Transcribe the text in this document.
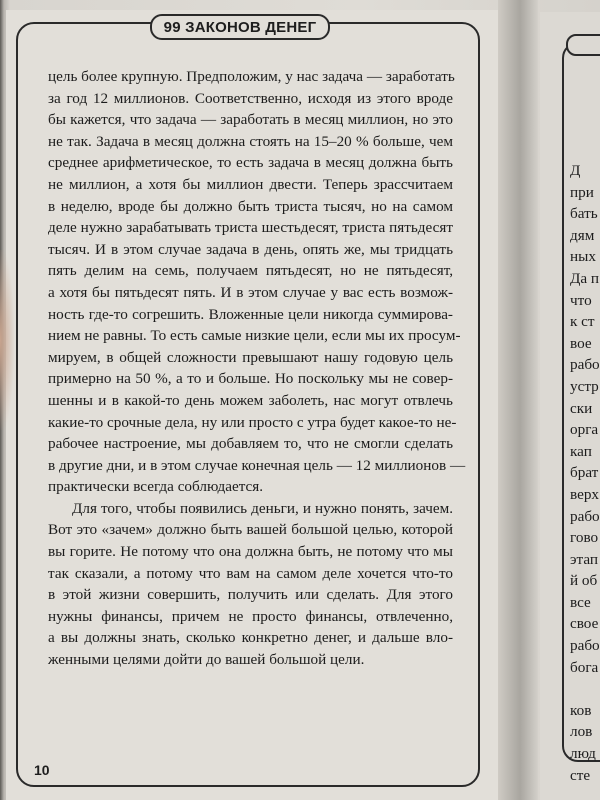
99 ЗАКОНОВ ДЕНЕГ
цель более крупную. Предположим, у нас задача — заработать
за год 12 миллионов. Соответственно, исходя из этого вроде
бы кажется, что задача — заработать в месяц миллион, но это
не так. Задача в месяц должна стоять на 15–20 % больше, чем
среднее арифметическое, то есть задача в месяц должна быть
не миллион, а хотя бы миллион двести. Теперь зрассчитаем
в неделю, вроде бы должно быть триста тысяч, но на самом
деле нужно зарабатывать триста шестьдесят, триста пятьдесят
тысяч. И в этом случае задача в день, опять же, мы тридцать
пять делим на семь, получаем пятьдесят, но не пятьдесят,
а хотя бы пятьдесят пять. И в этом случае у вас есть возмож-
ность где-то согрешить. Вложенные цели никогда суммирова-
нием не равны. То есть самые низкие цели, если мы их просум-
мируем, в общей сложности превышают нашу годовую цель
примерно на 50 %, а то и больше. Но поскольку мы не совер-
шенны и в какой-то день можем заболеть, нас могут отвлечь
какие-то срочные дела, ну или просто с утра будет какое-то не-
рабочее настроение, мы добавляем то, что не смогли сделать
в другие дни, и в этом случае конечная цель — 12 миллионов —
практически всегда соблюдается.
Для того, чтобы появились деньги, и нужно понять, зачем.
Вот это «зачем» должно быть вашей большой целью, которой
вы горите. Не потому что она должна быть, не потому что мы
так сказали, а потому что вам на самом деле хочется что-то
в этой жизни совершить, получить или сделать. Для этого
нужны финансы, причем не просто финансы, отвлеченно,
а вы должны знать, сколько конкретно денег, и дальше вло-
женными целями дойти до вашей большой цели.
10
Д
при
бать
дям
ных
Да п
что
к ст
вое
рабо
устр
ски
орга
кап
брат
верх
рабо
гово
этап
й об
все
свое
рабо
бога
ков
лов
люд
сте
